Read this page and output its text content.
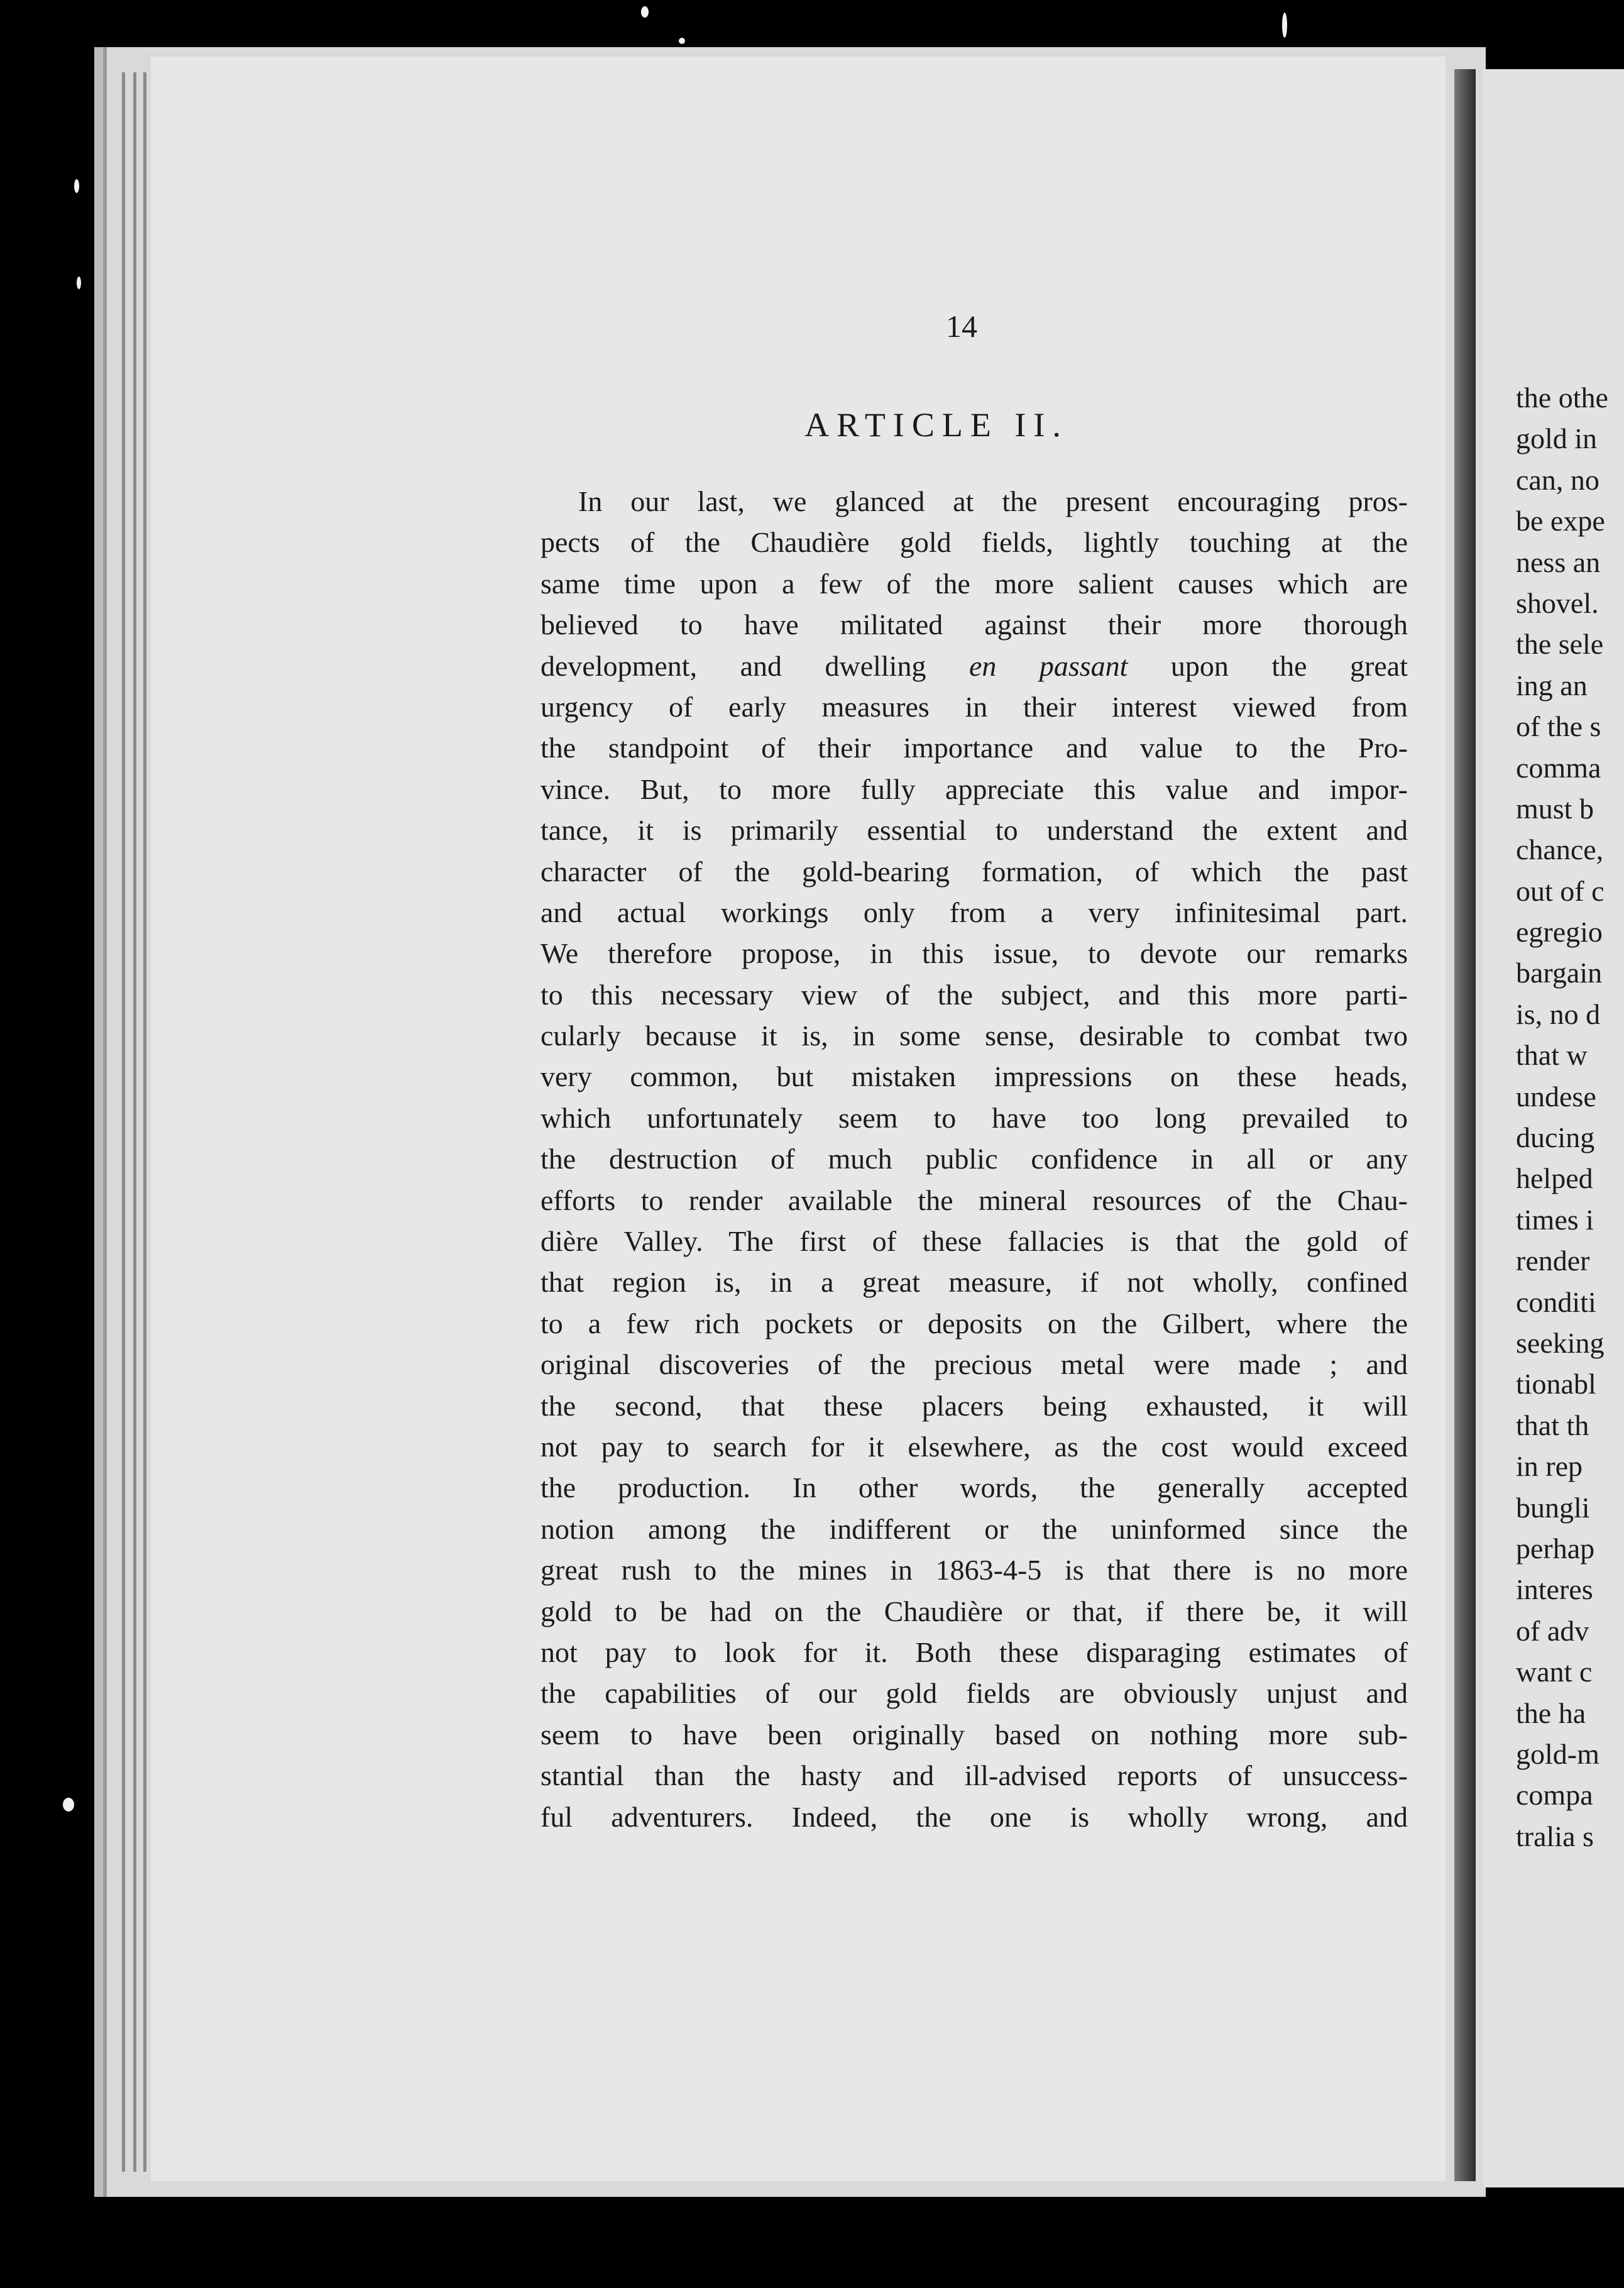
14
ARTICLE II.
In our last, we glanced at the present encouraging pros-
pects of the Chaudière gold fields, lightly touching at the
same time upon a few of the more salient causes which are
believed to have militated against their more thorough
development, and dwelling en passant upon the great
urgency of early measures in their interest viewed from
the standpoint of their importance and value to the Pro-
vince. But, to more fully appreciate this value and impor-
tance, it is primarily essential to understand the extent and
character of the gold-bearing formation, of which the past
and actual workings only from a very infinitesimal part.
We therefore propose, in this issue, to devote our remarks
to this necessary view of the subject, and this more parti-
cularly because it is, in some sense, desirable to combat two
very common, but mistaken impressions on these heads,
which unfortunately seem to have too long prevailed to
the destruction of much public confidence in all or any
efforts to render available the mineral resources of the Chau-
dière Valley. The first of these fallacies is that the gold of
that region is, in a great measure, if not wholly, confined
to a few rich pockets or deposits on the Gilbert, where the
original discoveries of the precious metal were made ; and
the second, that these placers being exhausted, it will
not pay to search for it elsewhere, as the cost would exceed
the production. In other words, the generally accepted
notion among the indifferent or the uninformed since the
great rush to the mines in 1863-4-5 is that there is no more
gold to be had on the Chaudière or that, if there be, it will
not pay to look for it. Both these disparaging estimates of
the capabilities of our gold fields are obviously unjust and
seem to have been originally based on nothing more sub-
stantial than the hasty and ill-advised reports of unsuccess-
ful adventurers. Indeed, the one is wholly wrong, and
the othe
gold in
can, no
be expe
ness an
shovel.
the sele
ing an
of the s
comma
must b
chance,
out of c
egregio
bargain
is, no d
that w
undese
ducing
helped
times i
render
conditi
seeking
tionabl
that th
in rep
bungli
perhap
interes
of adv
want c
the ha
gold-m
compa
tralia s
